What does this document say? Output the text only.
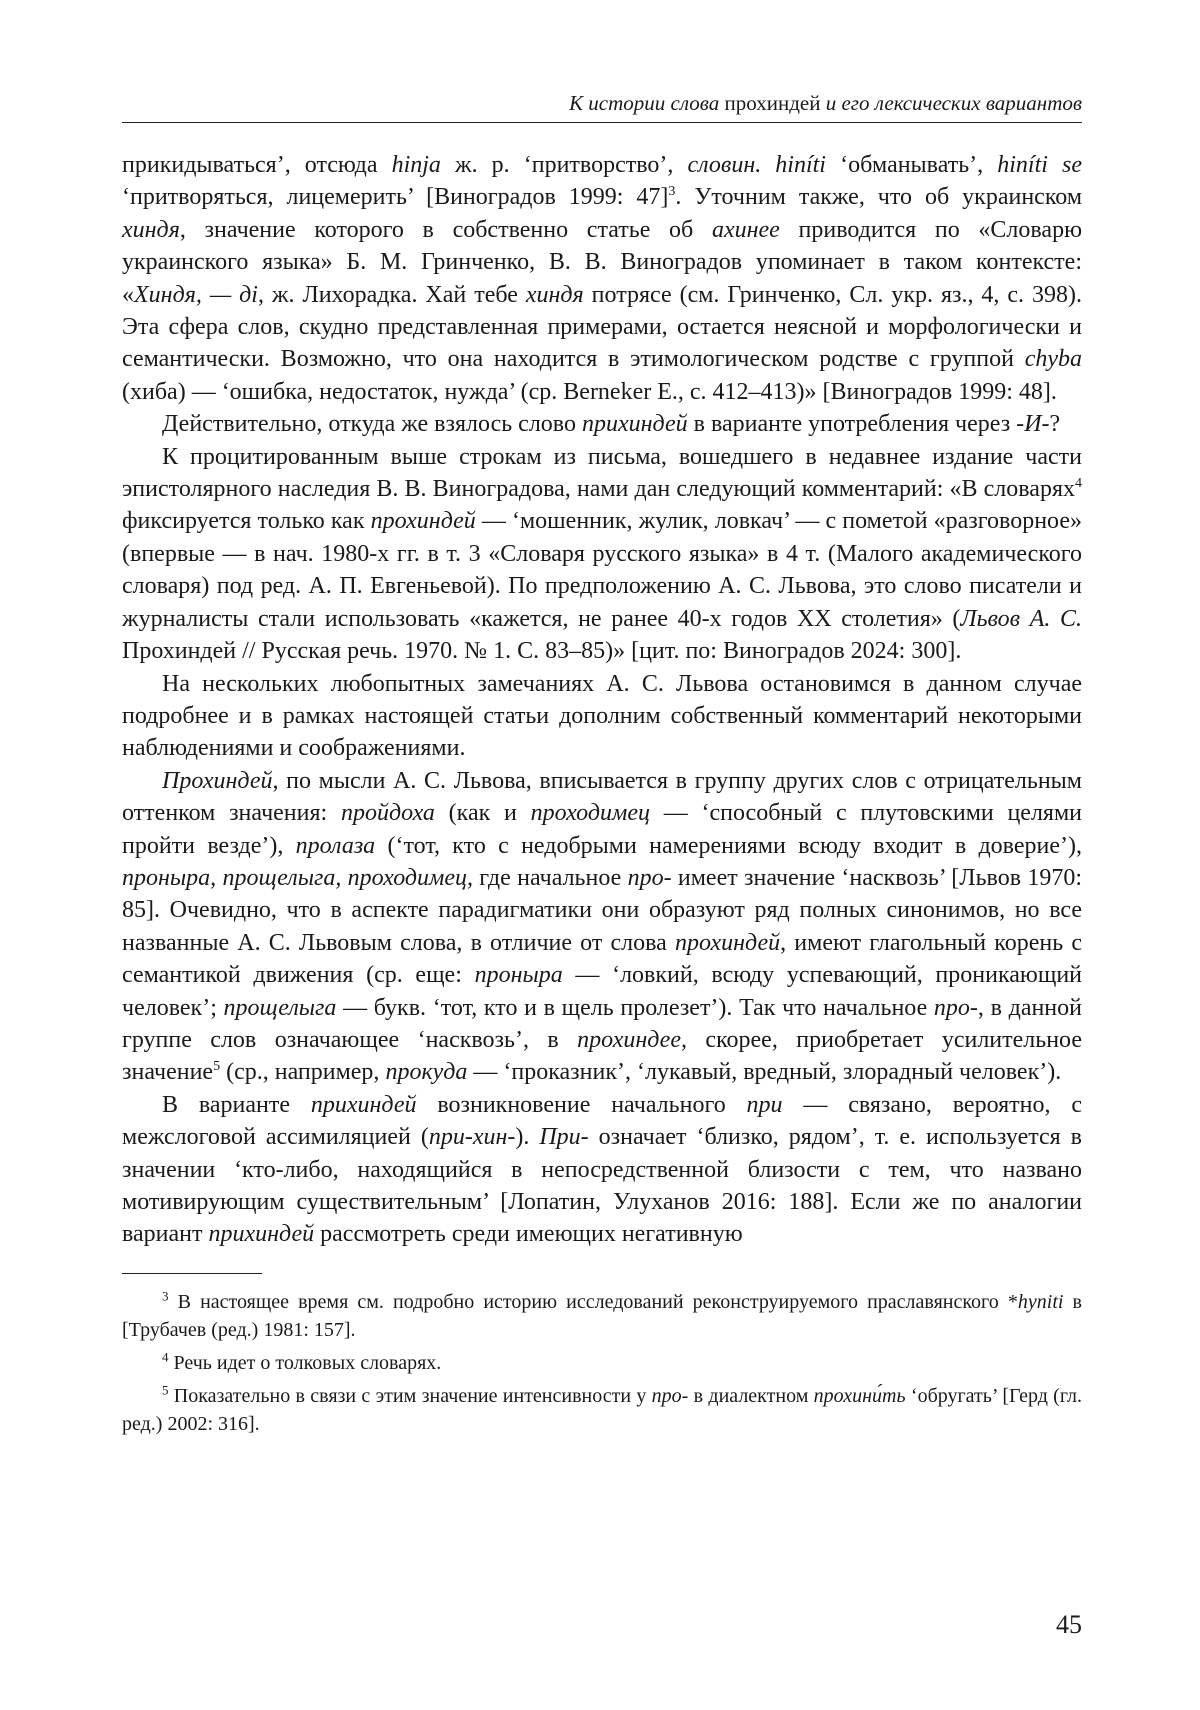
К истории слова прохиндей и его лексических вариантов

прикидываться’, отсюда hinja ж. р. ‘притворство’, словин. hiníti ‘обманывать’, hiníti se ‘притворяться, лицемерить’ [Виноградов 1999: 47]$^3$. Уточним также, что об украинском хиндя, значение которого в собственно статье об ахинее приводится по «Словарю украинского языка» Б. М. Гринченко, В. В. Виноградов упоминает в таком контексте: «Хиндя, — дi, ж. Лихорадка. Хай тебе хиндя потрясе (см. Гринченко, Сл. укр. яз., 4, с. 398). Эта сфера слов, скудно представленная примерами, остается неясной и морфологически и семантически. Возможно, что она находится в этимологическом родстве с группой chyba (хиба) — ‘ошибка, недостаток, нужда’ (ср. Berneker E., с. 412–413)» [Виноградов 1999: 48].

Действительно, откуда же взялось слово прихиндей в варианте употребления через -И-?

К процитированным выше строкам из письма, вошедшего в недавнее издание части эпистолярного наследия В. В. Виноградова, нами дан следующий комментарий: «В словарях$^4$ фиксируется только как прохиндей — ‘мошенник, жулик, ловкач’ — с пометой «разговорное» (впервые — в нач. 1980-х гг. в т. 3 «Словаря русского языка» в 4 т. (Малого академического словаря) под ред. А. П. Евгеньевой). По предположению А. С. Львова, это слово писатели и журналисты стали использовать «кажется, не ранее 40-х годов XX столетия» (Львов А. С. Прохиндей // Русская речь. 1970. № 1. С. 83–85)» [цит. по: Виноградов 2024: 300].

На нескольких любопытных замечаниях А. С. Львова остановимся в данном случае подробнее и в рамках настоящей статьи дополним собственный комментарий некоторыми наблюдениями и соображениями.

Прохиндей, по мысли А. С. Львова, вписывается в группу других слов с отрицательным оттенком значения: пройдоха (как и проходимец — ‘способный с плутовскими целями пройти везде’), пролаза (‘тот, кто с недобрыми намерениями всюду входит в доверие’), проныра, прощелыга, проходимец, где начальное про- имеет значение ‘насквозь’ [Львов 1970: 85]. Очевидно, что в аспекте парадигматики они образуют ряд полных синонимов, но все названные А. С. Львовым слова, в отличие от слова прохиндей, имеют глагольный корень с семантикой движения (ср. еще: проныра — ‘ловкий, всюду успевающий, проникающий человек’; прощелыга — букв. ‘тот, кто и в щель пролезет’). Так что начальное про-, в данной группе слов означающее ‘насквозь’, в прохиндее, скорее, приобретает усилительное значение$^5$ (ср., например, прокуда — ‘проказник’, ‘лукавый, вредный, злорадный человек’).

В варианте прихиндей возникновение начального при — связано, вероятно, с межслоговой ассимиляцией (при-хин-). При- означает ‘близко, рядом’, т. е. используется в значении ‘кто-либо, находящийся в непосредственной близости с тем, что названо мотивирующим существительным’ [Лопатин, Улуханов 2016: 188]. Если же по аналогии вариант прихиндей рассмотреть среди имеющих негативную

$^3$ В настоящее время см. подробно историю исследований реконструируемого праславянского *hyniti в [Трубачев (ред.) 1981: 157].

$^4$ Речь идет о толковых словарях.

$^5$ Показательно в связи с этим значение интенсивности у про- в диалектном прохини́ть ‘обругать’ [Герд (гл. ред.) 2002: 316].

45
